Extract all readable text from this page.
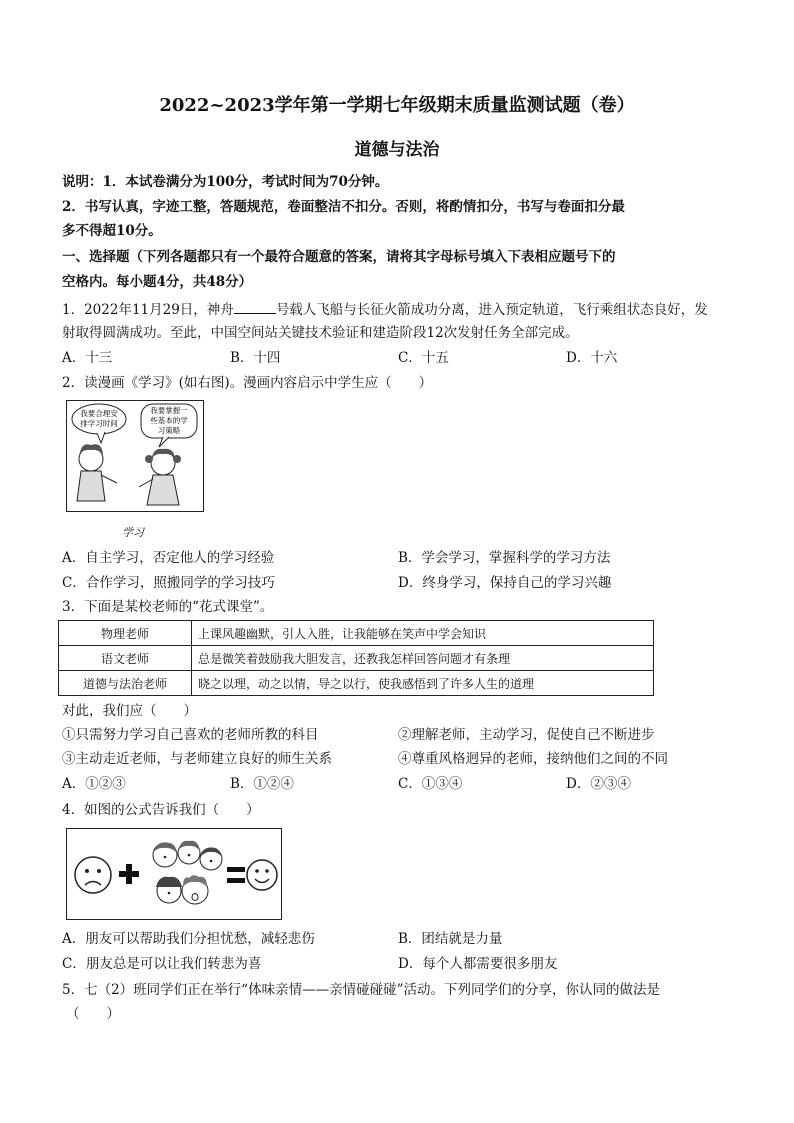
2022~2023学年第一学期七年级期末质量监测试题（卷）
道德与法治
说明：1．本试卷满分为100分，考试时间为70分钟。
2．书写认真，字迹工整，答题规范，卷面整洁不扣分。否则，将酌情扣分，书写与卷面扣分最
多不得超10分。
一、选择题（下列各题都只有一个最符合题意的答案，请将其字母标号填入下表相应题号下的
空格内。每小题4分，共48分）
1．2022年11月29日，神舟	号载人飞船与长征火箭成功分离，进入预定轨道，飞行乘组状态良好，发
射取得圆满成功。至此，中国空间站关键技术验证和建造阶段12次发射任务全部完成。
A．十三	B．十四	C．十五	D．十六
2．读漫画《学习》(如右图)。漫画内容启示中学生应（　　）
我要合理安
排学习时间
我要掌握一
些基本的学
习策略
学习
A．自主学习，否定他人的学习经验	B．学会学习，掌握科学的学习方法
C．合作学习，照搬同学的学习技巧	D．终身学习，保持自己的学习兴趣
3．下面是某校老师的“花式课堂”。
物理老师	上课风趣幽默，引人入胜，让我能够在笑声中学会知识
语文老师	总是微笑着鼓励我大胆发言，还教我怎样回答问题才有条理
道德与法治老师	晓之以理，动之以情，导之以行，使我感悟到了许多人生的道理
对此，我们应（　　）
①只需努力学习自己喜欢的老师所教的科目	②理解老师，主动学习，促使自己不断进步
③主动走近老师，与老师建立良好的师生关系	④尊重风格迥异的老师，接纳他们之间的不同
A．①②③	B．①②④	C．①③④	D．②③④
4．如图的公式告诉我们（　　）
A．朋友可以帮助我们分担忧愁，减轻悲伤	B．团结就是力量
C．朋友总是可以让我们转悲为喜	D．每个人都需要很多朋友
5．七（2）班同学们正在举行“体味亲情——亲情碰碰碰”活动。下列同学们的分享，你认同的做法是
（　　）
